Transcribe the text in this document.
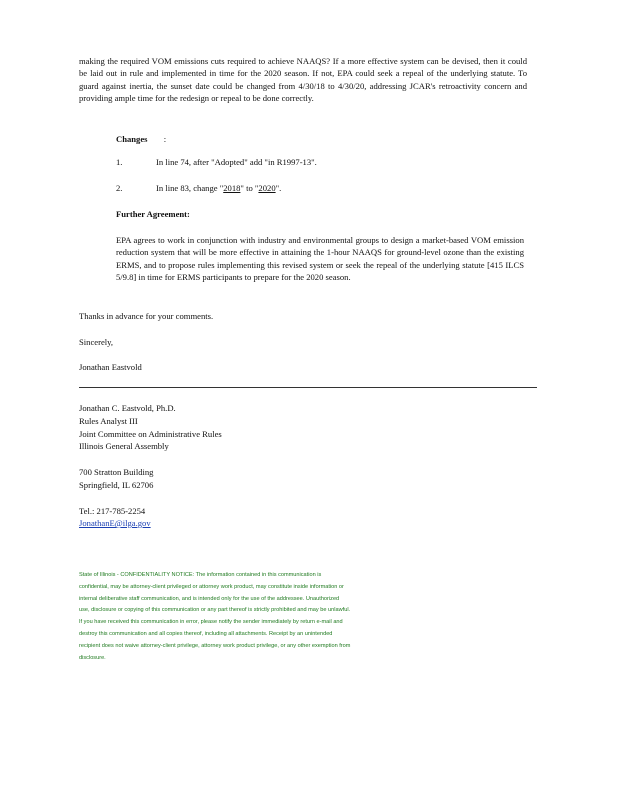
making the required VOM emissions cuts required to achieve NAAQS? If a more effective system can be devised, then it could be laid out in rule and implemented in time for the 2020 season. If not, EPA could seek a repeal of the underlying statute. To guard against inertia, the sunset date could be changed from 4/30/18 to 4/30/20, addressing JCAR's retroactivity concern and providing ample time for the redesign or repeal to be done correctly.

Changes :
1.	In line 74, after "Adopted" add "in R1997-13".
2.	In line 83, change "2018" to "2020".
Further Agreement:

EPA agrees to work in conjunction with industry and environmental groups to design a market-based VOM emission reduction system that will be more effective in attaining the 1-hour NAAQS for ground-level ozone than the existing ERMS, and to propose rules implementing this revised system or seek the repeal of the underlying statute [415 ILCS 5/9.8] in time for ERMS participants to prepare for the 2020 season.

Thanks in advance for your comments.

Sincerely,

Jonathan Eastvold

Jonathan C. Eastvold, Ph.D.

Rules Analyst III

Joint Committee on Administrative Rules

Illinois General Assembly

700 Stratton Building

Springfield, IL 62706

Tel.: 217-785-2254

JonathanE@ilga.gov

State of Illinois - CONFIDENTIALITY NOTICE: The information contained in this communication is confidential, may be attorney-client privileged or attorney work product, may constitute inside information or internal deliberative staff communication, and is intended only for the use of the addressee. Unauthorized use, disclosure or copying of this communication or any part thereof is strictly prohibited and may be unlawful. If you have received this communication in error, please notify the sender immediately by return e-mail and destroy this communication and all copies thereof, including all attachments. Receipt by an unintended recipient does not waive attorney-client privilege, attorney work product privilege, or any other exemption from disclosure.
